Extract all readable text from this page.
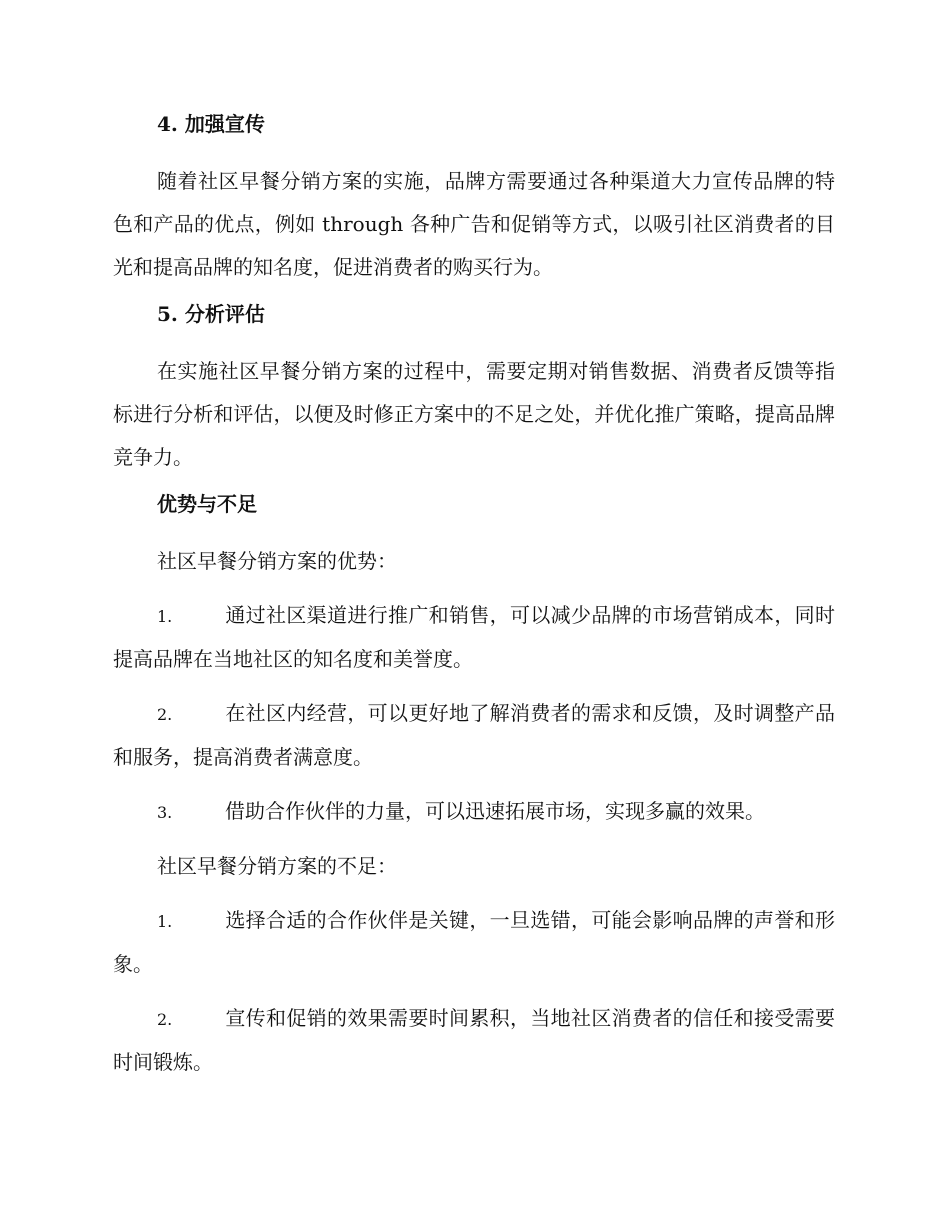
4. 加强宣传

随着社区早餐分销方案的实施，品牌方需要通过各种渠道大力宣传品牌的特色和产品的优点，例如 through 各种广告和促销等方式，以吸引社区消费者的目光和提高品牌的知名度，促进消费者的购买行为。

5. 分析评估

在实施社区早餐分销方案的过程中，需要定期对销售数据、消费者反馈等指标进行分析和评估，以便及时修正方案中的不足之处，并优化推广策略，提高品牌竞争力。

优势与不足

社区早餐分销方案的优势：

1.	通过社区渠道进行推广和销售，可以减少品牌的市场营销成本，同时提高品牌在当地社区的知名度和美誉度。

2.	在社区内经营，可以更好地了解消费者的需求和反馈，及时调整产品和服务，提高消费者满意度。

3.	借助合作伙伴的力量，可以迅速拓展市场，实现多赢的效果。

社区早餐分销方案的不足：

1.	选择合适的合作伙伴是关键，一旦选错，可能会影响品牌的声誉和形象。

2.	宣传和促销的效果需要时间累积，当地社区消费者的信任和接受需要时间锻炼。
